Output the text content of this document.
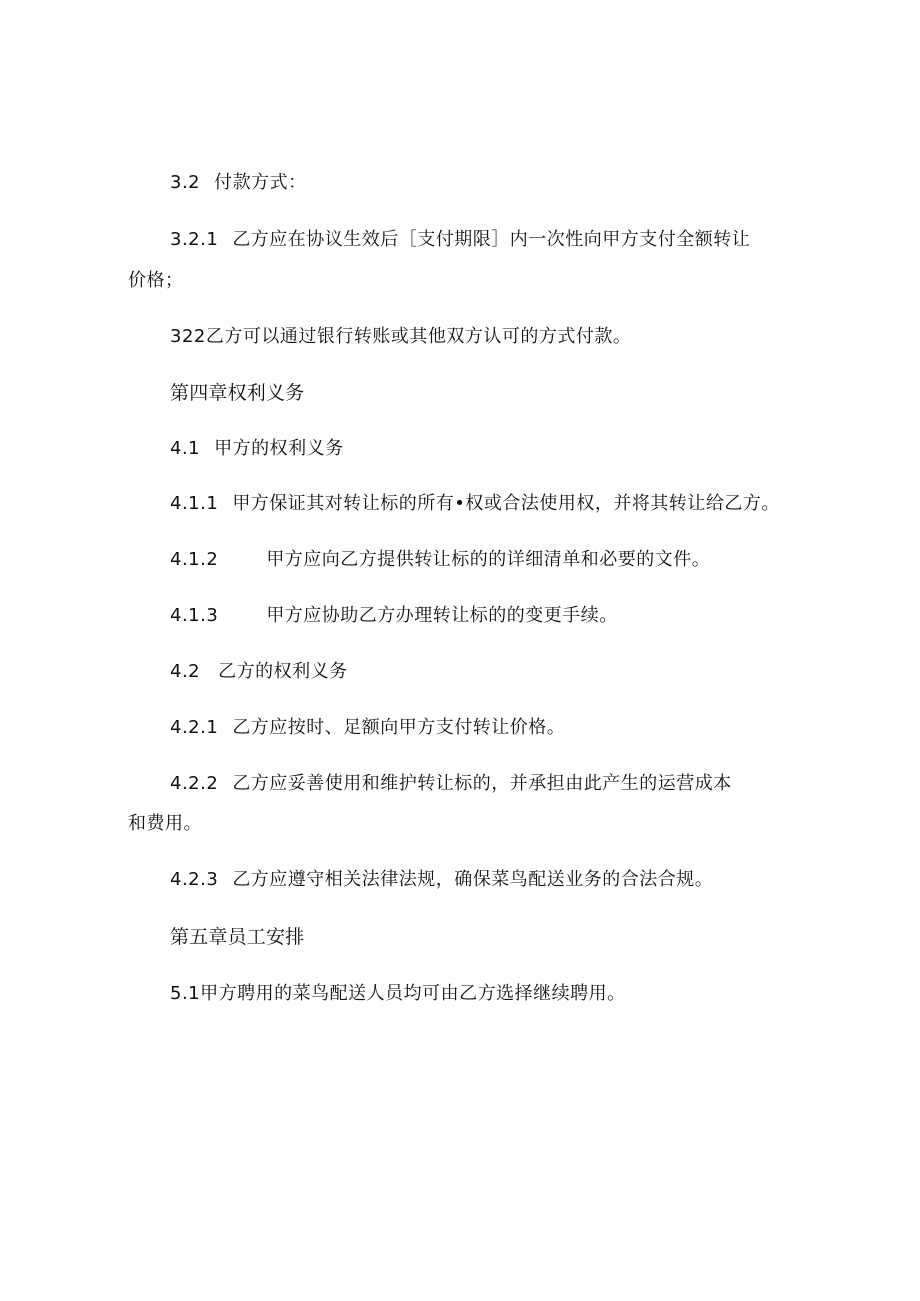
3.2 付款方式：
3.2.1 乙方应在协议生效后［支付期限］内一次性向甲方支付全额转让
价格；
322乙方可以通过银行转账或其他双方认可的方式付款。
第四章权利义务
4.1 甲方的权利义务
4.1.1 甲方保证其对转让标的所有•权或合法使用权，并将其转让给乙方。
4.1.2	甲方应向乙方提供转让标的的详细清单和必要的文件。
4.1.3	甲方应协助乙方办理转让标的的变更手续。
4.2 乙方的权利义务
4.2.1 乙方应按时、足额向甲方支付转让价格。
4.2.2 乙方应妥善使用和维护转让标的，并承担由此产生的运营成本
和费用。
4.2.3 乙方应遵守相关法律法规，确保菜鸟配送业务的合法合规。
第五章员工安排
5.1甲方聘用的菜鸟配送人员均可由乙方选择继续聘用。
